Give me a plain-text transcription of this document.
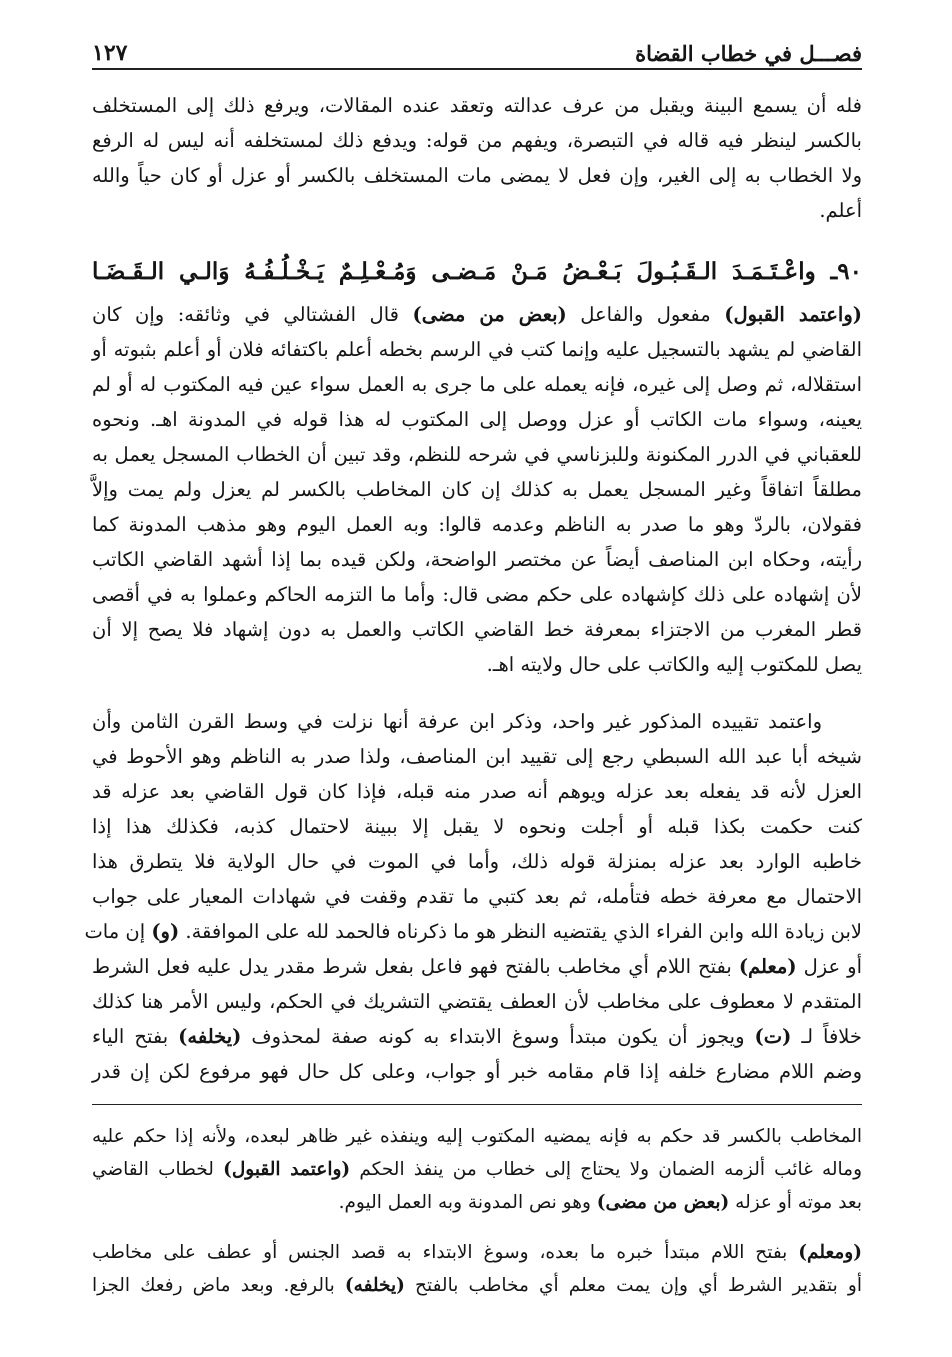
فصـــل في خطاب القضاة
١٢٧
فله أن يسمع البينة ويقبل من عرف عدالته وتعقد عنده المقالات، ويرفع ذلك إلى المستخلف
بالكسر لينظر فيه قاله في التبصرة، ويفهم من قوله: ويدفع ذلك لمستخلفه أنه ليس له الرفع
ولا الخطاب به إلى الغير، وإن فعل لا يمضى مات المستخلف بالكسر أو عزل أو كان حياً والله
أعلم.
٩٠ـ واعْـتَـمَـدَ الـقَـبُـولَ بَـعْـضُ مَـنْ مَـضـى وَمُـعْـلِـمٌ يَـخْـلُـفُـهُ وَالـي الـقَـضَـا
(واعتمد القبول) مفعول والفاعل (بعض من مضى) قال الفشتالي في وثائقه: وإن كان
القاضي لم يشهد بالتسجيل عليه وإنما كتب في الرسم بخطه أعلم باكتفائه فلان أو أعلم بثبوته أو
استقلاله، ثم وصل إلى غيره، فإنه يعمله على ما جرى به العمل سواء عين فيه المكتوب له أو لم
يعينه، وسواء مات الكاتب أو عزل ووصل إلى المكتوب له هذا قوله في المدونة اهـ. ونحوه
للعقباني في الدرر المكنونة وللبزناسي في شرحه للنظم، وقد تبين أن الخطاب المسجل يعمل به
مطلقاً اتفاقاً وغير المسجل يعمل به كذلك إن كان المخاطب بالكسر لم يعزل ولم يمت وإلاَّ
فقولان، بالردّ وهو ما صدر به الناظم وعدمه قالوا: وبه العمل اليوم وهو مذهب المدونة كما
رأيته، وحكاه ابن المناصف أيضاً عن مختصر الواضحة، ولكن قيده بما إذا أشهد القاضي الكاتب
لأن إشهاده على ذلك كإشهاده على حكم مضى قال: وأما ما التزمه الحاكم وعملوا به في أقصى
قطر المغرب من الاجتزاء بمعرفة خط القاضي الكاتب والعمل به دون إشهاد فلا يصح إلا أن
يصل للمكتوب إليه والكاتب على حال ولايته اهـ.
واعتمد تقييده المذكور غير واحد، وذكر ابن عرفة أنها نزلت في وسط القرن الثامن وأن
شيخه أبا عبد الله السبطي رجع إلى تقييد ابن المناصف، ولذا صدر به الناظم وهو الأحوط في
العزل لأنه قد يفعله بعد عزله ويوهم أنه صدر منه قبله، فإذا كان قول القاضي بعد عزله قد
كنت حكمت بكذا قبله أو أجلت ونحوه لا يقبل إلا ببينة لاحتمال كذبه، فكذلك هذا إذا
خاطبه الوارد بعد عزله بمنزلة قوله ذلك، وأما في الموت في حال الولاية فلا يتطرق هذا
الاحتمال مع معرفة خطه فتأمله، ثم بعد كتبي ما تقدم وقفت في شهادات المعيار على جواب
لابن زيادة الله وابن الفراء الذي يقتضيه النظر هو ما ذكرناه فالحمد لله على الموافقة. (و) إن مات
أو عزل (معلم) بفتح اللام أي مخاطب بالفتح فهو فاعل بفعل شرط مقدر يدل عليه فعل الشرط
المتقدم لا معطوف على مخاطب لأن العطف يقتضي التشريك في الحكم، وليس الأمر هنا كذلك
خلافاً لـ (ت) ويجوز أن يكون مبتدأ وسوغ الابتداء به كونه صفة لمحذوف (يخلفه) بفتح الياء
وضم اللام مضارع خلفه إذا قام مقامه خبر أو جواب، وعلى كل حال فهو مرفوع لكن إن قدر
المخاطب بالكسر قد حكم به فإنه يمضيه المكتوب إليه وينفذه غير ظاهر لبعده، ولأنه إذا حكم عليه
وماله غائب ألزمه الضمان ولا يحتاج إلى خطاب من ينفذ الحكم (واعتمد القبول) لخطاب القاضي
بعد موته أو عزله (بعض من مضى) وهو نص المدونة وبه العمل اليوم.
(ومعلم) بفتح اللام مبتدأ خبره ما بعده، وسوغ الابتداء به قصد الجنس أو عطف على مخاطب
أو بتقدير الشرط أي وإن يمت معلم أي مخاطب بالفتح (يخلفه) بالرفع. وبعد ماض رفعك الجزا
